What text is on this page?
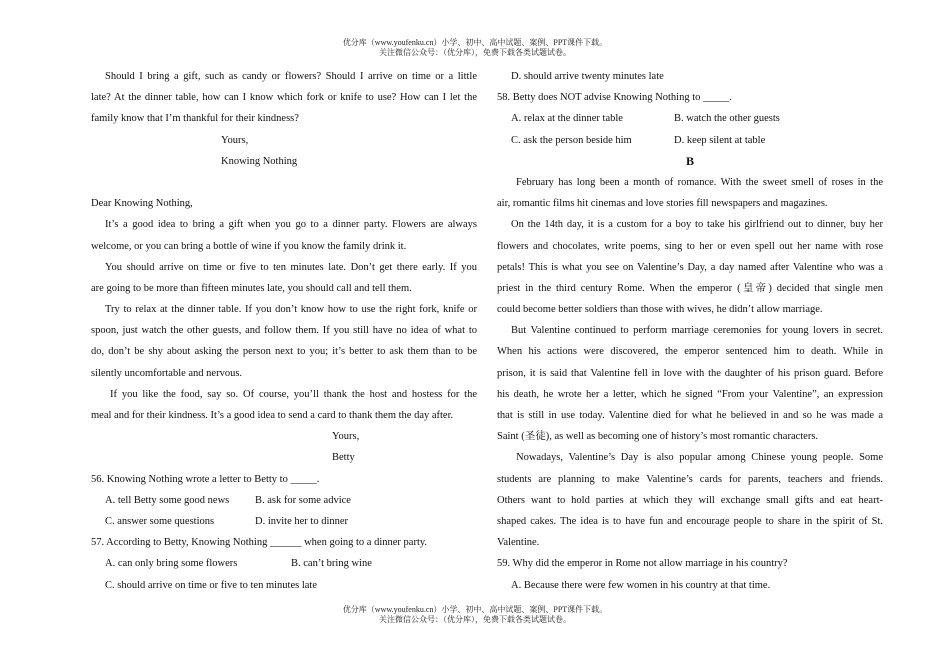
优分库（www.youfenku.cn）小学、初中、高中试题、案例、PPT课件下载。
关注微信公众号：（优分库），免费下载各类试题试卷。
Should I bring a gift, such as candy or flowers? Should I arrive on time or a little
late? At the dinner table, how can I know which fork or knife to use? How can I let the
family know that I’m thankful for their kindness?
Yours,
Knowing Nothing
Dear Knowing Nothing,
It’s a good idea to bring a gift when you go to a dinner party. Flowers are always
welcome, or you can bring a bottle of wine if you know the family drink it.
You should arrive on time or five to ten minutes late. Don’t get there early. If you
are going to be more than fifteen minutes late, you should call and tell them.
Try to relax at the dinner table. If you don’t know how to use the right fork, knife or
spoon, just watch the other guests, and follow them. If you still have no idea of what to
do, don’t be shy about asking the person next to you; it’s better to ask them than to be
silently uncomfortable and nervous.
If you like the food, say so. Of course, you’ll thank the host and hostess for the
meal and for their kindness. It’s a good idea to send a card to thank them the day after.
Yours,
Betty
56. Knowing Nothing wrote a letter to Betty to _____.
A. tell Betty some good news	B. ask for some advice
C. answer some questions	D. invite her to dinner
57. According to Betty, Knowing Nothing ______ when going to a dinner party.
A. can only bring some flowers	B. can’t bring wine
C. should arrive on time or five to ten minutes late
D. should arrive twenty minutes late
58. Betty does NOT advise Knowing Nothing to _____.
A. relax at the dinner table	B. watch the other guests
C. ask the person beside him	D. keep silent at table
B
February has long been a month of romance. With the sweet smell of roses in the
air, romantic films hit cinemas and love stories fill newspapers and magazines.
On the 14th day, it is a custom for a boy to take his girlfriend out to dinner, buy her
flowers and chocolates, write poems, sing to her or even spell out her name with rose
petals! This is what you see on Valentine’s Day, a day named after Valentine who was a
priest in the third century Rome. When the emperor (皇帝) decided that single men
could become better soldiers than those with wives, he didn’t allow marriage.
But Valentine continued to perform marriage ceremonies for young lovers in secret.
When his actions were discovered, the emperor sentenced him to death. While in
prison, it is said that Valentine fell in love with the daughter of his prison guard. Before
his death, he wrote her a letter, which he signed “From your Valentine”, an expression
that is still in use today. Valentine died for what he believed in and so he was made a
Saint (圣徒), as well as becoming one of history’s most romantic characters.
Nowadays, Valentine’s Day is also popular among Chinese young people. Some
students are planning to make Valentine’s cards for parents, teachers and friends.
Others want to hold parties at which they will exchange small gifts and eat heart-
shaped cakes. The idea is to have fun and encourage people to share in the spirit of St.
Valentine.
59. Why did the emperor in Rome not allow marriage in his country?
A. Because there were few women in his country at that time.
优分库（www.youfenku.cn）小学、初中、高中试题、案例、PPT课件下载。
关注微信公众号：（优分库），免费下载各类试题试卷。
